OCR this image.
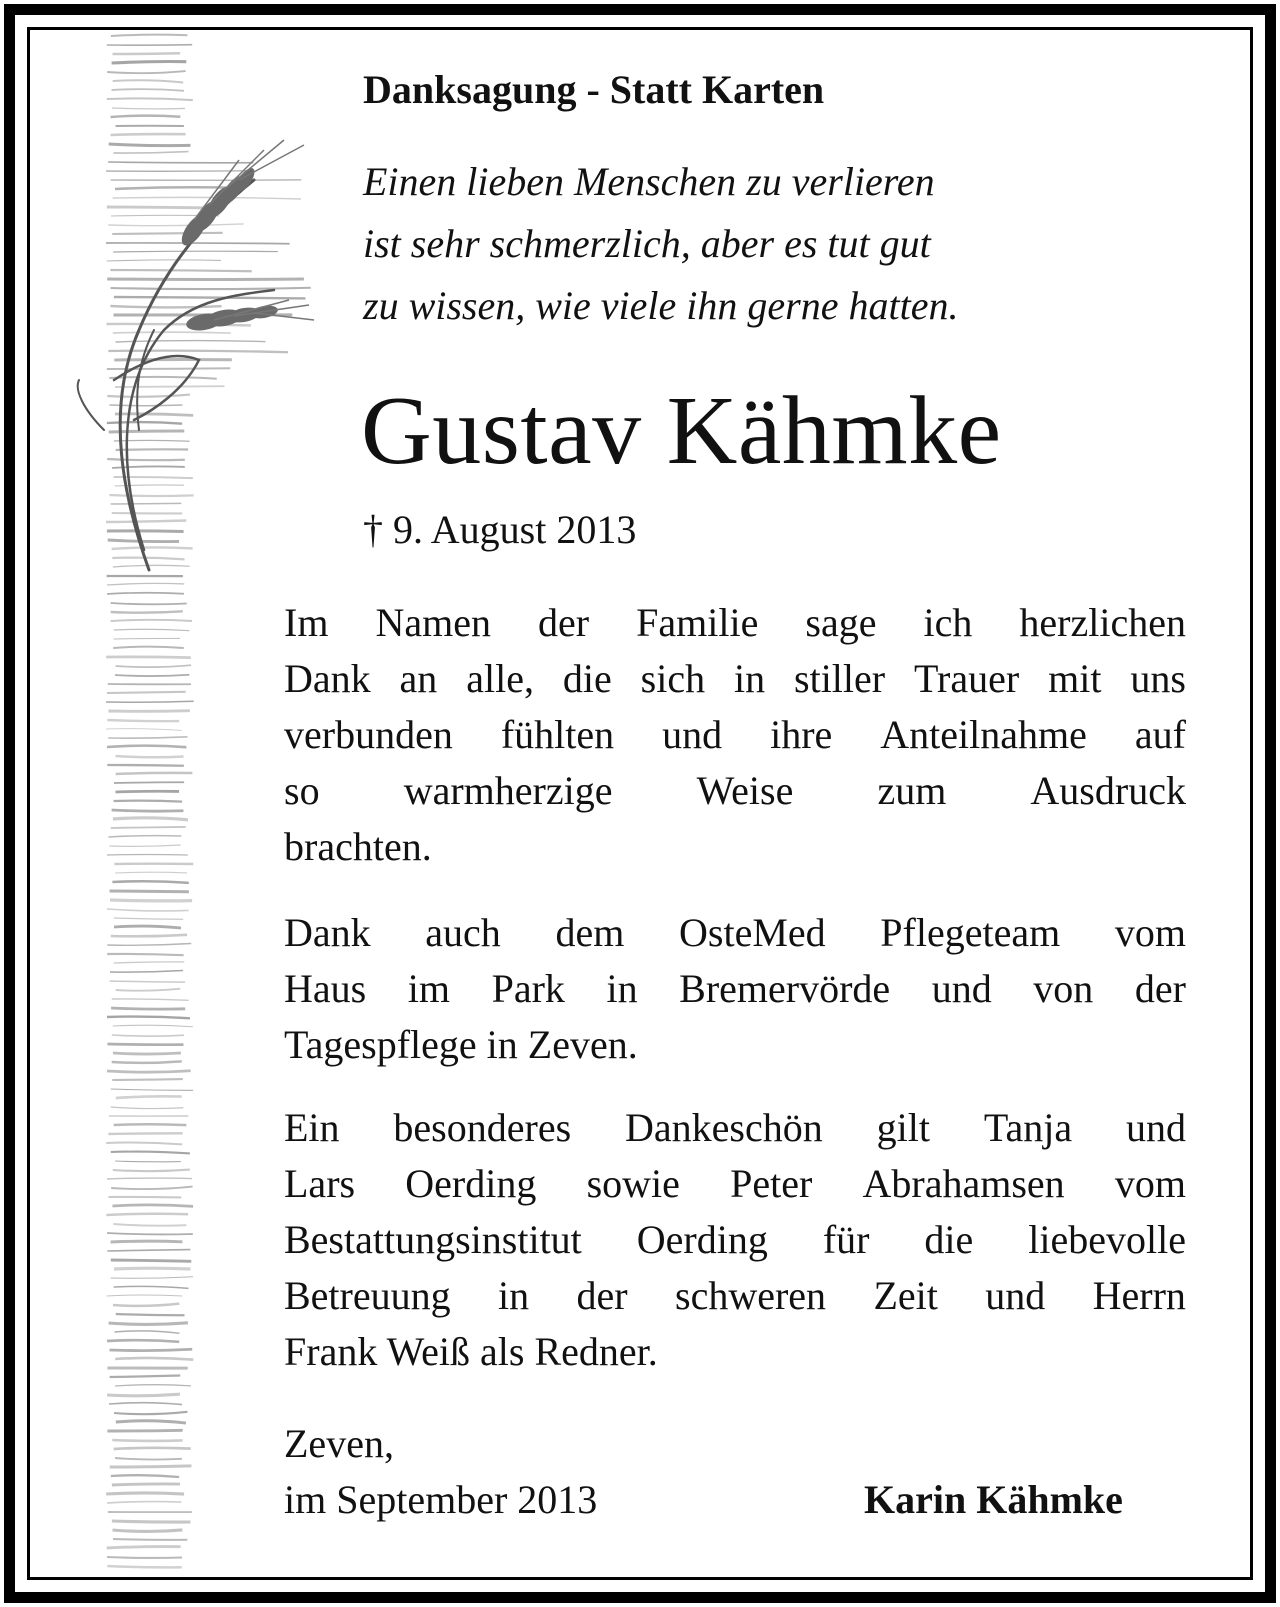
Danksagung - Statt Karten
Einen lieben Menschen zu verlieren
ist sehr schmerzlich, aber es tut gut
zu wissen, wie viele ihn gerne hatten.
Gustav Kähmke
† 9. August 2013
Im Namen der Familie sage ich herzlichen
Dank an alle, die sich in stiller Trauer mit uns
verbunden fühlten und ihre Anteilnahme auf
so warmherzige Weise zum Ausdruck
brachten.
Dank auch dem OsteMed Pflegeteam vom
Haus im Park in Bremervörde und von der
Tagespflege in Zeven.
Ein besonderes Dankeschön gilt Tanja und
Lars Oerding sowie Peter Abrahamsen vom
Bestattungsinstitut Oerding für die liebevolle
Betreuung in der schweren Zeit und Herrn
Frank Weiß als Redner.
Zeven,
im September 2013	Karin Kähmke
